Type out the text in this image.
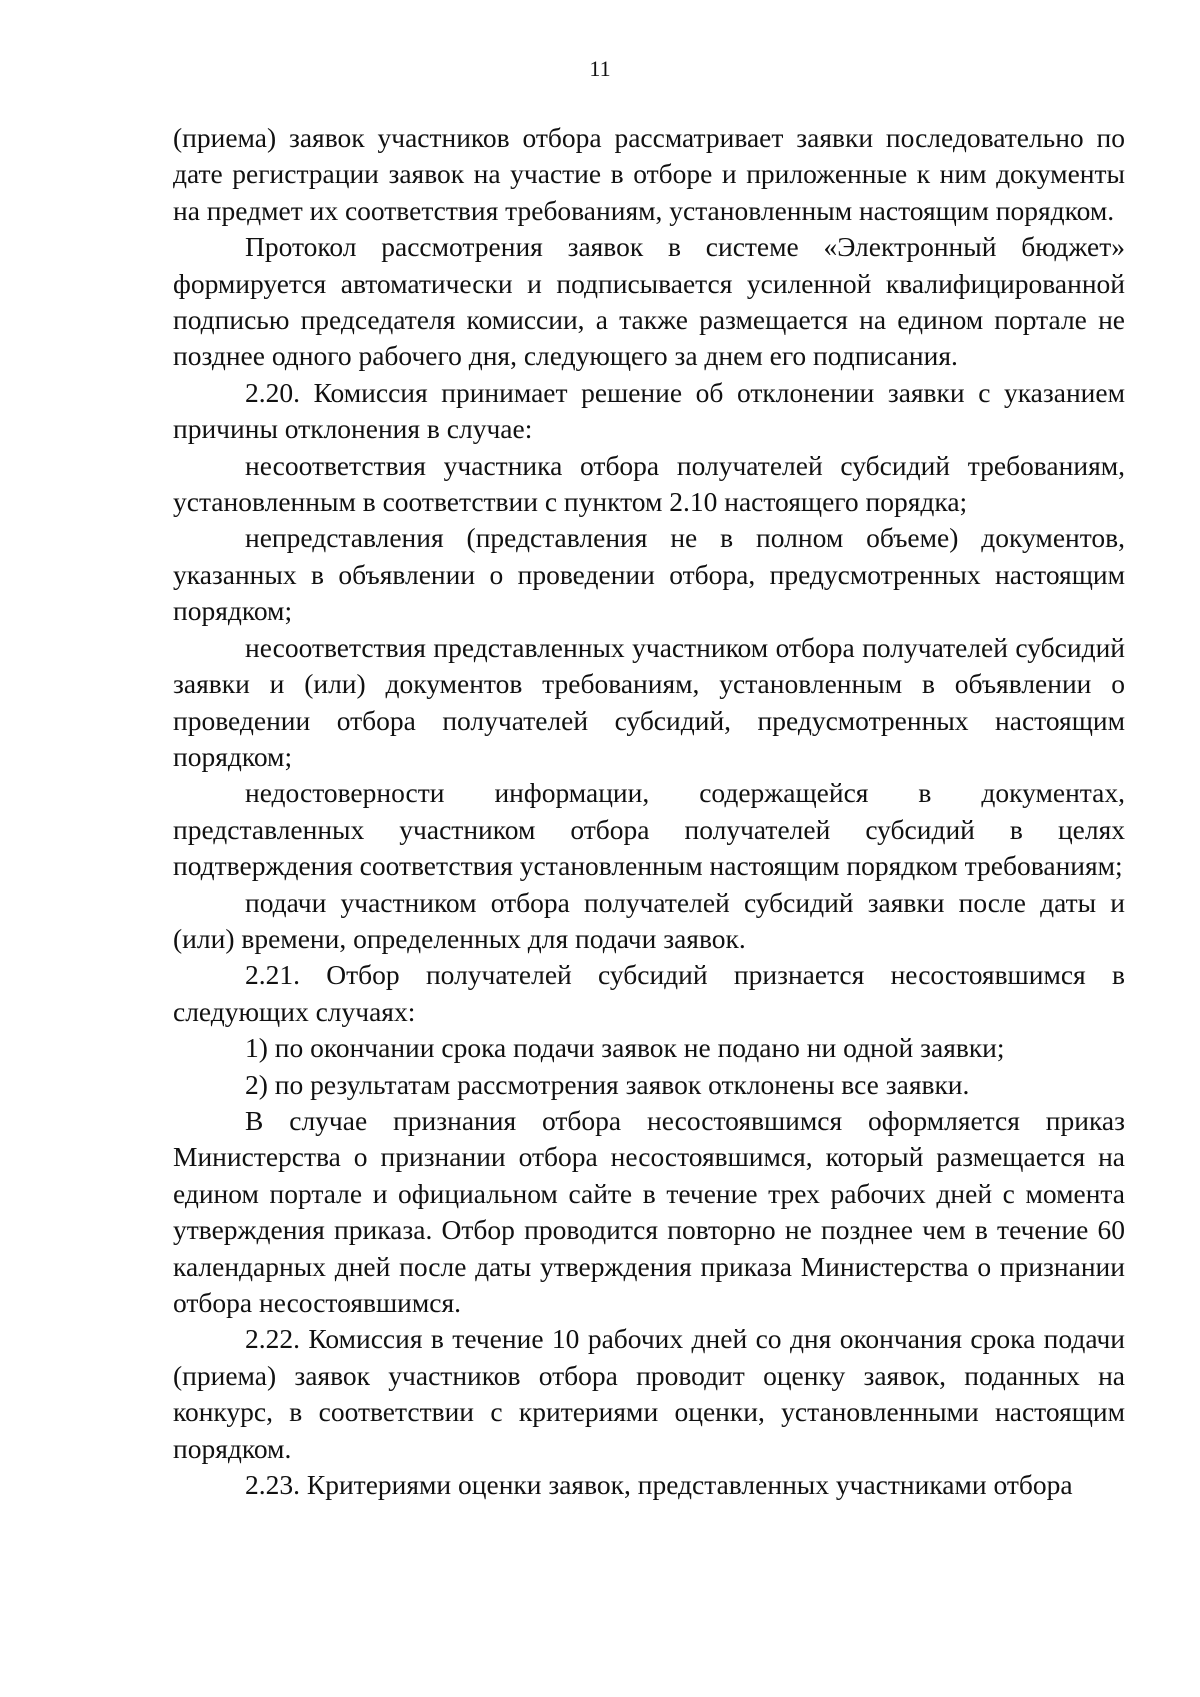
11

(приема) заявок участников отбора рассматривает заявки последовательно по дате регистрации заявок на участие в отборе и приложенные к ним документы на предмет их соответствия требованиям, установленным настоящим порядком.

Протокол рассмотрения заявок в системе «Электронный бюджет» формируется автоматически и подписывается усиленной квалифицированной подписью председателя комиссии, а также размещается на едином портале не позднее одного рабочего дня, следующего за днем его подписания.

2.20. Комиссия принимает решение об отклонении заявки с указанием причины отклонения в случае:

несоответствия участника отбора получателей субсидий требованиям, установленным в соответствии с пунктом 2.10 настоящего порядка;

непредставления (представления не в полном объеме) документов, указанных в объявлении о проведении отбора, предусмотренных настоящим порядком;

несоответствия представленных участником отбора получателей субсидий заявки и (или) документов требованиям, установленным в объявлении о проведении отбора получателей субсидий, предусмотренных настоящим порядком;

недостоверности информации, содержащейся в документах, представленных участником отбора получателей субсидий в целях подтверждения соответствия установленным настоящим порядком требованиям;

подачи участником отбора получателей субсидий заявки после даты и (или) времени, определенных для подачи заявок.

2.21. Отбор получателей субсидий признается несостоявшимся в следующих случаях:

1) по окончании срока подачи заявок не подано ни одной заявки;

2) по результатам рассмотрения заявок отклонены все заявки.

В случае признания отбора несостоявшимся оформляется приказ Министерства о признании отбора несостоявшимся, который размещается на едином портале и официальном сайте в течение трех рабочих дней с момента утверждения приказа. Отбор проводится повторно не позднее чем в течение 60 календарных дней после даты утверждения приказа Министерства о признании отбора несостоявшимся.

2.22. Комиссия в течение 10 рабочих дней со дня окончания срока подачи (приема) заявок участников отбора проводит оценку заявок, поданных на конкурс, в соответствии с критериями оценки, установленными настоящим порядком.

2.23. Критериями оценки заявок, представленных участниками отбора
